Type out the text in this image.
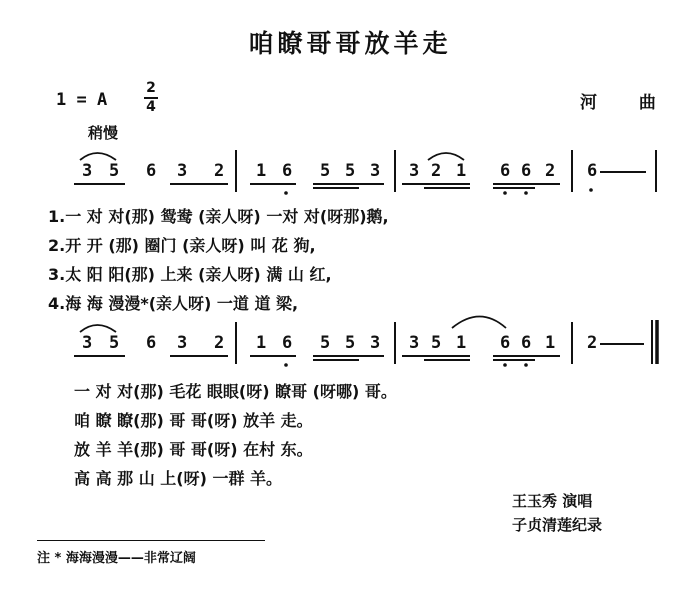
咱瞭哥哥放羊走
1 = A
2
4	河 曲
稍慢
3 5 6 3 2 1 6 5 5 3 3 2 1 6 6 2 6
3 5 6 3 2 1 6 5 5 3 3 5 1 6 6 1 2
1.一 对 对(那) 鸳鸯 (亲人呀) 一对 对(呀那)鹅,
2.开 开 (那) 圈门 (亲人呀) 叫 花 狗,
3.太 阳 阳(那) 上来 (亲人呀) 满 山 红,
4.海 海 漫漫*(亲人呀) 一道 道 梁,
一 对 对(那) 毛花 眼眼(呀) 瞭哥 (呀哪) 哥。
咱 瞭 瞭(那) 哥 哥(呀) 放羊 走。
放 羊 羊(那) 哥 哥(呀) 在村 东。
高 高 那 山 上(呀) 一群 羊。
王玉秀 演唱
子贞清莲纪录
注 * 海海漫漫——非常辽阔
